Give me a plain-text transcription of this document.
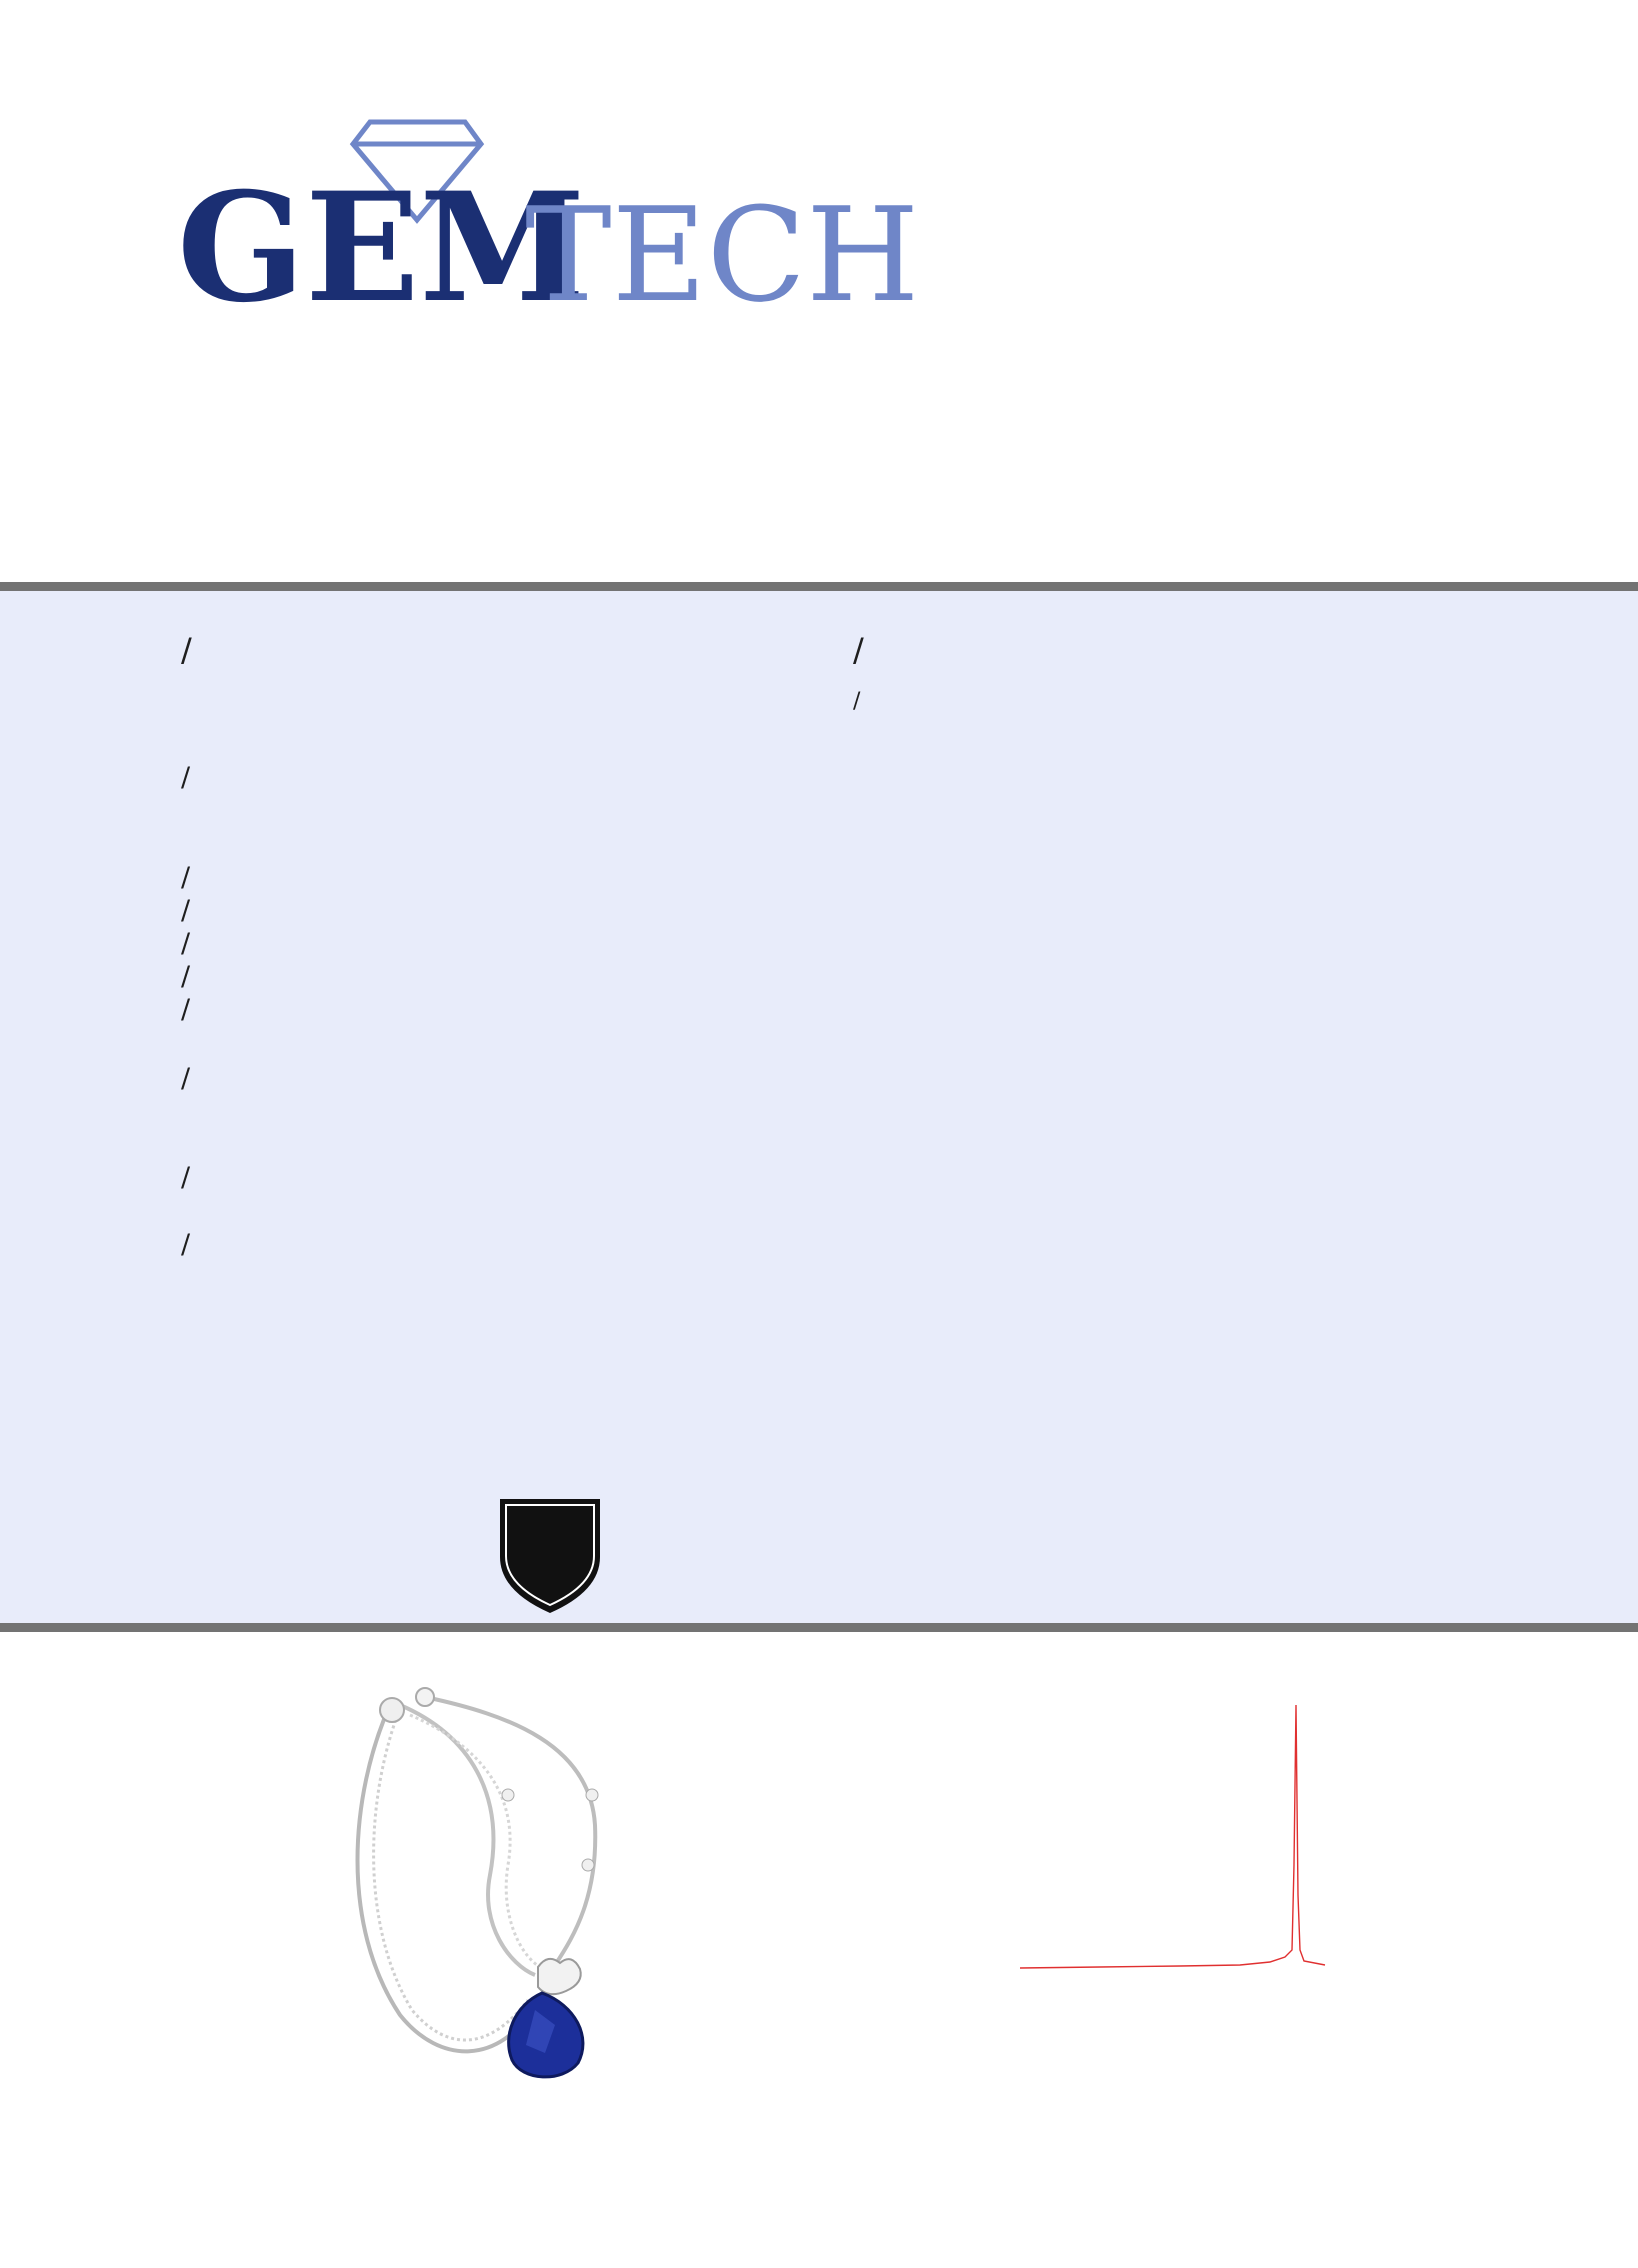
GEM
TECH
/	/
/
/
/
/
/
/
/
/

/
/
